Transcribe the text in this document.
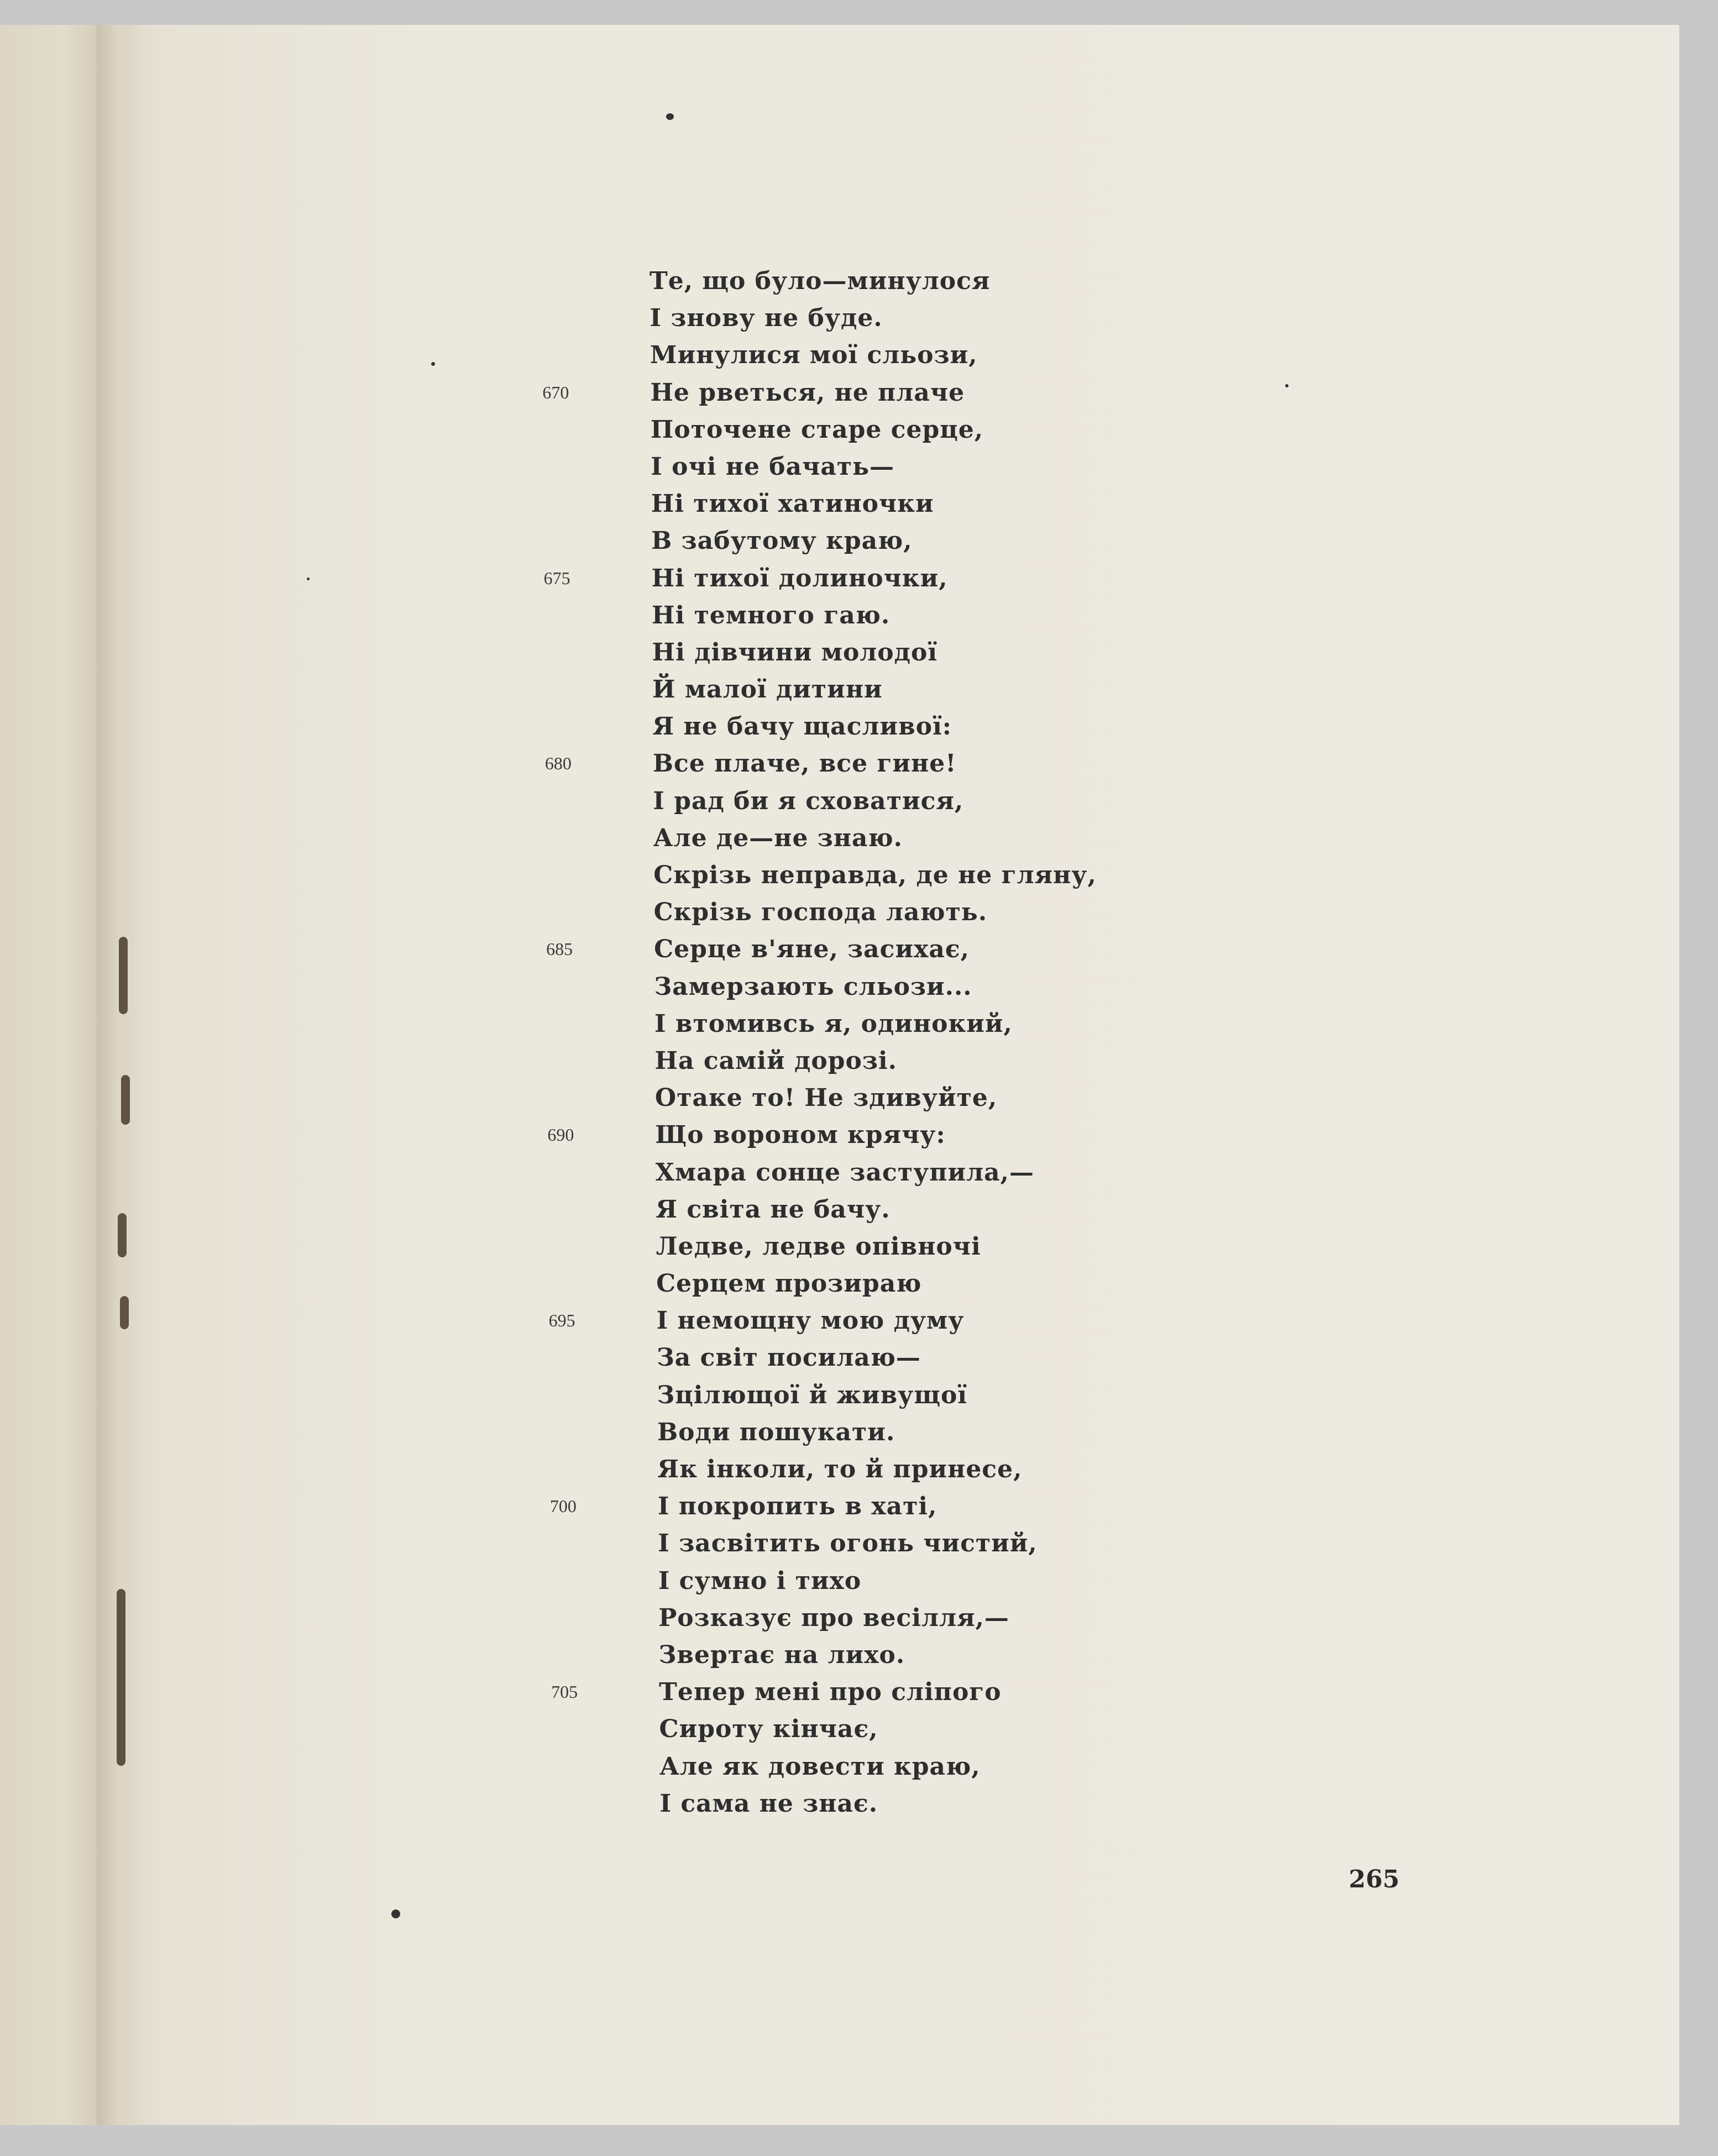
Те, що було—минулося
І знову не буде.
Минулися мої сльози,
670	Не рветься, не плаче
Поточене старе серце,
І очі не бачать—
Ні тихої хатиночки
В забутому краю,
675	Ні тихої долиночки,
Ні темного гаю.
Ні дівчини молодої
Й малої дитини
Я не бачу щасливої:
680	Все плаче, все гине!
І рад би я сховатися,
Але де—не знаю.
Скрізь неправда, де не гляну,
Скрізь господа лають.
685	Серце в'яне, засихає,
Замерзають сльози...
І втомивсь я, одинокий,
На самій дорозі.
Отаке то! Не здивуйте,
690	Що вороном крячу:
Хмара сонце заступила,—
Я світа не бачу.
Ледве, ледве опівночі
Серцем прозираю
695	І немощну мою думу
За світ посилаю—
Зцілющої й живущої
Води пошукати.
Як інколи, то й принесе,
700	І покропить в хаті,
І засвітить огонь чистий,
І сумно і тихо
Розказує про весілля,—
Звертає на лихо.
705	Тепер мені про сліпого
Сироту кінчає,
Але як довести краю,
І сама не знає.
265
